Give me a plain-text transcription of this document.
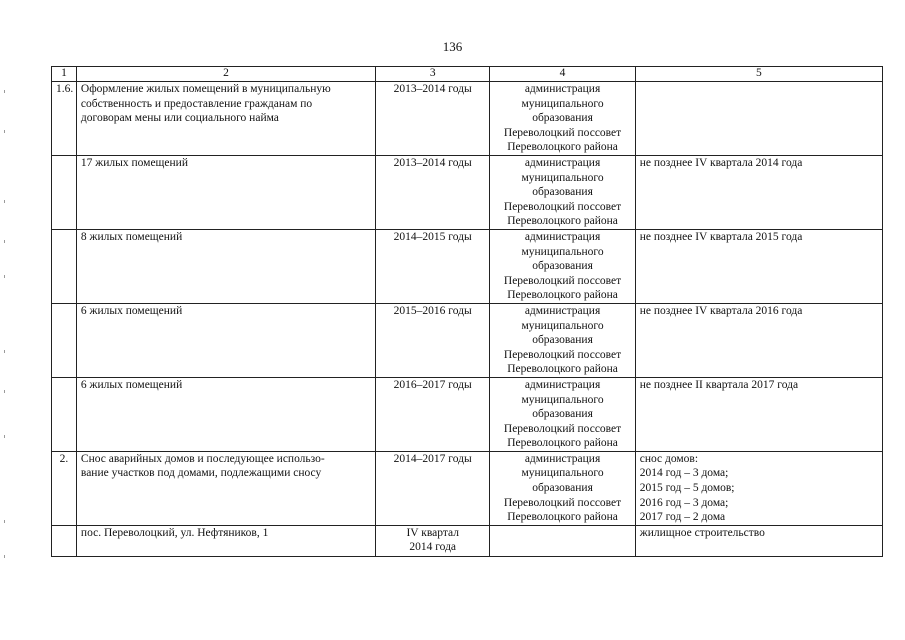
136
1	2	3	4	5
1.6.	Оформление жилых помещений в муниципальную
собственность и предоставление гражданам по
договорам мены или социального найма	2013–2014 годы	администрация
муниципального
образования
Переволоцкий поссовет
Переволоцкого района	

	17 жилых помещений	2013–2014 годы	администрация
муниципального
образования
Переволоцкий поссовет
Переволоцкого района	не позднее IV квартала 2014 года

	8 жилых помещений	2014–2015 годы	администрация
муниципального
образования
Переволоцкий поссовет
Переволоцкого района	не позднее IV квартала 2015 года

	6 жилых помещений	2015–2016 годы	администрация
муниципального
образования
Переволоцкий поссовет
Переволоцкого района	не позднее IV квартала 2016 года

	6 жилых помещений	2016–2017 годы	администрация
муниципального
образования
Переволоцкий поссовет
Переволоцкого района	не позднее II квартала 2017 года

2.	Снос аварийных домов и последующее использо-
вание участков под домами, подлежащими сносу	2014–2017 годы	администрация
муниципального
образования
Переволоцкий поссовет
Переволоцкого района	снос домов:
2014 год – 3 дома;
2015 год – 5 домов;
2016 год – 3 дома;
2017 год – 2 дома

	пос. Переволоцкий, ул. Нефтяников, 1	IV квартал
2014 года		жилищное строительство
